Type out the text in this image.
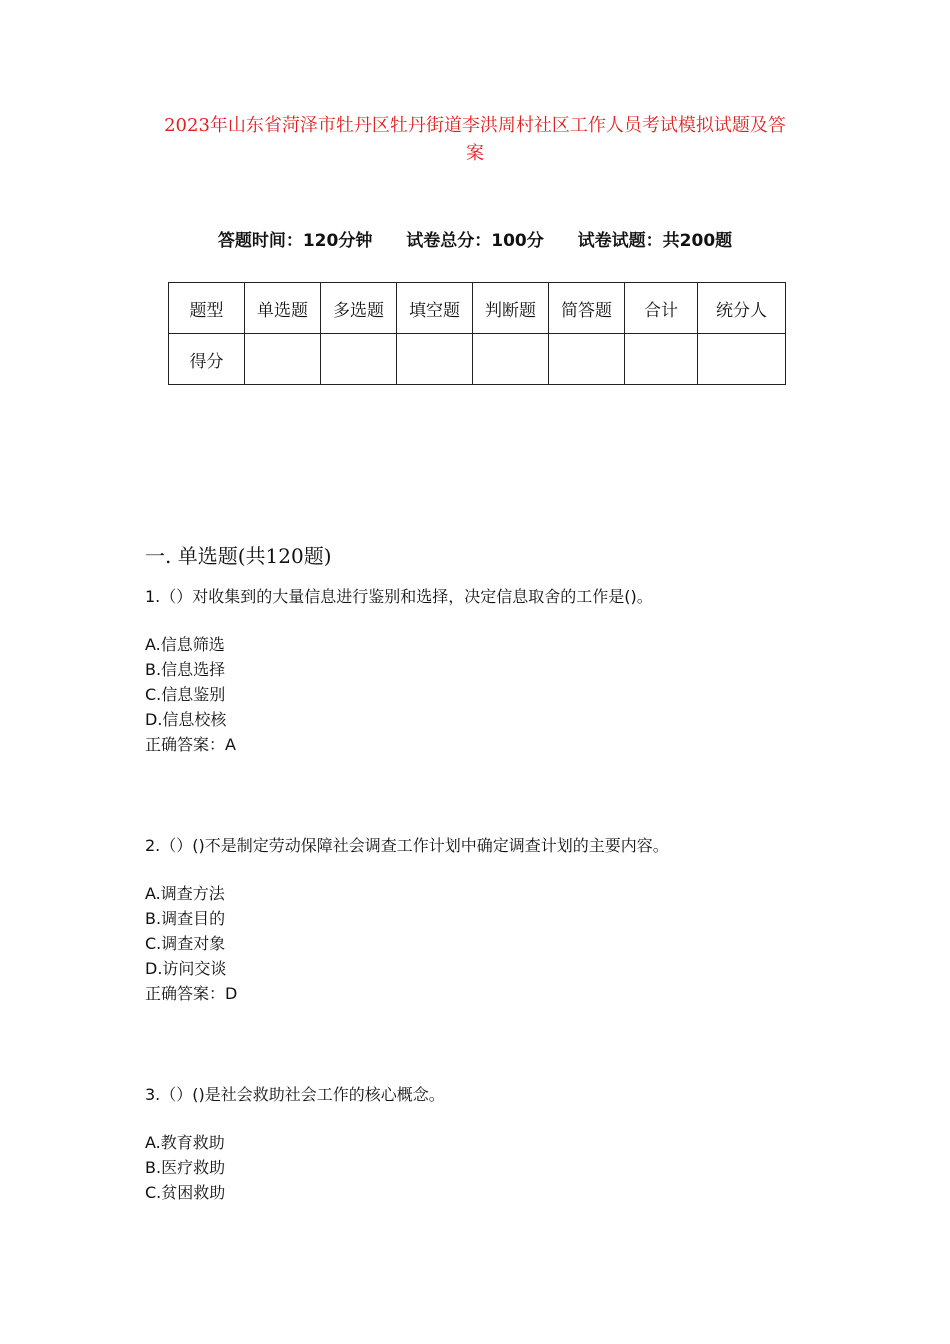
2023年山东省菏泽市牡丹区牡丹街道李洪周村社区工作人员考试模拟试题及答
案
答题时间：120分钟 试卷总分：100分 试卷试题：共200题
题型	单选题	多选题	填空题	判断题	简答题	合计	统分人
得分							
一. 单选题(共120题)
1.（）对收集到的大量信息进行鉴别和选择，决定信息取舍的工作是()。
A.信息筛选
B.信息选择
C.信息鉴别
D.信息校核
正确答案：A
2.（）()不是制定劳动保障社会调查工作计划中确定调查计划的主要内容。
A.调查方法
B.调查目的
C.调查对象
D.访问交谈
正确答案：D
3.（）()是社会救助社会工作的核心概念。
A.教育救助
B.医疗救助
C.贫困救助
